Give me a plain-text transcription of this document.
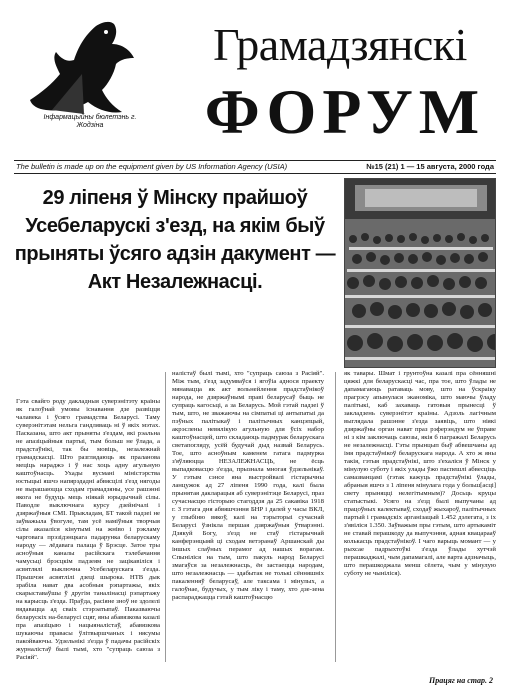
Інфармацыйны бюлетэнь г. Жодзіна
Грамадзянскі
ФОРУМ
The bulletin is made up on the equipment given by US Information Agency (USIA)	№15 (21) 1 — 15 августа, 2000 года
29 ліпеня ў Мінску прайшоў Усебеларускі з'езд, на якім быў прыняты ўсяго адзін дакумент — Акт Незалежнасці.

Гэта свайго роду дакладныя суверэнітэту краіны як галоўнай умовы існавання дзе развіцця чалавека і ўсяго грамадства Беларусі. Таму суверэнітэтам нельга гандляваць ні ў якіх мэтах. Пасказана, што акт прыняты з'ездам, які рэальна не апазіцыйныя партыі, тым больш не ўлада, а прадстаўнікі, так бы мовіць, незалежнай грамадскасці. Што разглядаюць як праланова меціць нараджэ і ў нас хоць адну агульную каштоўнасць. Ухады вусмані міністэрства юстыцыі яшчэ напярэдадні абвясцілі з'езд нягоды не вырашаюцца сходам грамадзяны, усе рашэнні якога не будуць мець ніякай юрыдычнай сілы. Паводле выключнага курсу дзейнічалі і дзяржаўныя СМІ. Прыкладам, БТ такой падзеі не заўважыла ўвогуле, там усё наміўныя творчыя сілы аказаліся кінутымі на жніво і рэкламу чарговага прэзідэнцкага падарунка беларускаму народу — лёдавага палаца ў Брэсце. Затое тры асноўныя каналы расійскага тэлебачання чамусьці брэсцкім падзеям не зацікавіліся і асвятлялі выключна Усебеларускага з'езда. Прышчэн асвятлілі дзеці шырока. НТВ дык зрабіла нават два асобныя рэпартажы, якіх скарыставаўшы ў другім таналінасці рэпартажу на карысць з'езда. Праўда, расіяне зноў не здолелі вядавацца ад сваіх стэрэатыпаў. Паказваючы беларускіх на-беларусі сцяг, яны абавязкова казалі пра апазіцыю і нацыяналістаў, абавязкова шукаючы правасы ўлітвыршчаных і нясумы пакойваючы. Удзельнікі з'езда ў падачы расійскіх журналістаў былі тымі, хто "супраць саюза з Расіяй".

налістаў былі тымі, хто "супраць саюза з Расіяй". Між тым, з'езд задумваўся і ягоўіа аднося праекту мянавацца як акт вольнейлення прадстаўнікоў народа, не дзяржаўнымі праві беларусаў быць не супраць кагосьці, а за Беларусь. Мой гэтай падзеі ў тым, што, не зважаючы на сімпатыі ці антыпатыі да пэўных палітыкаў і палітычных канцэпцый, акрэслены невялікую агульную для ўсіх набор каштоўнасцей, што складаюць падмурак беларускага светапогляду, усёй будучай дыд назвай Беларусь. Тое, што асноўным каменем гатага падмурка з'яўляюцца НЕЗАЛЕЖНАСЦЬ, не ёсць выпадковасцю з'езда, прызнала многая ўдзельнікаў. У гэтым сэнсе яна выстройвалі гістарычны ланцужок ад 27 ліпеня 1990 года, калі была прынятая дакларацыя аб суверэнітэце Беларусі, праз сучаснасцю гісторыю стагоддзя да 25 сакавіка 1918 г. З гэтага дня абвяшчэння БНР і далей у часы ВКЛ, у глыбіню вякоў, калі на тэрыторыі сучаснай Беларусі ўзнікла першая дзяржаўныя ўтварэнні. Дзякуй Богу, з'езд не стаў гістарычнай канферэнцыяй ці сходам ветэранаў Аршанскай ды іншых слаўных перамог ад нашых ворагам. Спыніліся на тым, што пакуль народ Беларусі змагаўся за незалежнасць, ён застаецца народам, што незалежнасць — здабытак не толькі сённяшніх пакаленняў беларусаў, але таксама і мінулых, а галоўнае, будучых, у тым ліку і таму, хто дзе-зена распараджацца гэтай каштоўнасцю

як тавары. Шмат і грунтоўна казалі пра сённяшні цяжкі для беларускасці час, пра тое, што ўлады не дапамагаюць ратаваць мову, што на ўскраіку прагрэсу апынулася эканоміка, што маючы ўладу палітыкі, каб захаваць гатовыя прынесці ў закладзень суверэнітэт краіны. Адзоль лагічным выглядала рашэнне з'езда заявіць, што ніякі дзяржаўны орган нават праз рэферэндум не ўправе ні з кім заключаць саюзы, якія б пагражалі Беларусь не незалежнасці. Гэты прынцып быў абвешчаны ад імя прадстаўнікоў беларускага народа. А хто ж яны такія, гэтыя прадстаўнікі, што з'ехаліся ў Мінск у мінулую суботу і якіх улады ўжо паспешлі абвесціць самазванцамі (гэтак кажуць прадстаўнікі ўлады, абраныя яшчэ з 1 ліпеня мінулага года у больш[асці] свету прыняцці нелегітымным)? Досьць круцы статыстыкі. Усяго на з'езд былі выпучаны ад працоўных калектываў, сходаў жыхароў, палітычных партый і грамадскіх арганізацый 1.452 дэлегата, з іх з'явіліся 1.350. Заўважым пры гэтым, што артыкаміт не ставай перашкоду да выпучэння, адная квацарааў колькасць прадстаўнікоў. І чаго варыць момант — у рыхсае падрыхтоўкі з'езда ўлады хутчэй перашкаджалі, чым дапамагалі, але варта адзначыць, што перашкоджала менш сёлета, чым у мінулую суботу не чыніліся).

Працяг на стар. 2
